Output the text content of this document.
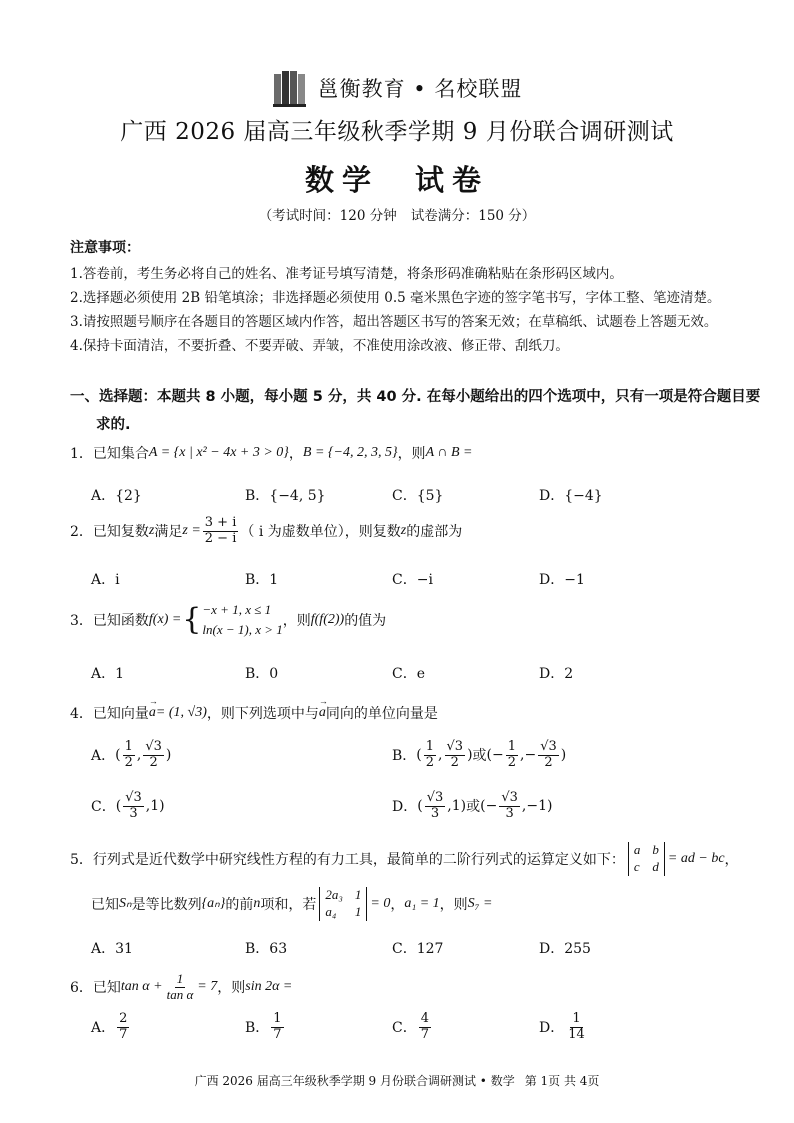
邕衡教育 • 名校联盟
广西 2026 届高三年级秋季学期 9 月份联合调研测试
数学 试卷
（考试时间：120 分钟 试卷满分：150 分）
注意事项：
1.答卷前，考生务必将自己的姓名、准考证号填写清楚，将条形码准确粘贴在条形码区域内。
2.选择题必须使用 2B 铅笔填涂；非选择题必须使用 0.5 毫米黑色字迹的签字笔书写，字体工整、笔迹清楚。
3.请按照题号顺序在各题目的答题区域内作答，超出答题区书写的答案无效；在草稿纸、试题卷上答题无效。
4.保持卡面清洁，不要折叠、不要弄破、弄皱，不准使用涂改液、修正带、刮纸刀。
一、选择题：本题共 8 小题，每小题 5 分，共 40 分. 在每小题给出的四个选项中，只有一项是符合题目要
求的.
1． 已知集合 A = {x | x² − 4x + 3 > 0} ， B = {−4, 2, 3, 5} ，则 A ∩ B =
A．{2}	B．{−4, 5}	C．{5}	D．{−4}
2． 已知复数 z 满足 $z = \frac{3 + i}{2 - i}$ （ i 为虚数单位），则复数 z 的虚部为
A．i	B．1	C．−i	D．−1
3． 已知函数 f(x) = { −x + 1, x ≤ 1
ln(x − 1), x > 1
，则 f(f(2)) 的值为
A．1	B．0	C．e	D．2
4． 已知向量 → a = (1, √3) ，则下列选项中与 → a 同向的单位向量是
A． ( $\frac{1}{2}$ , $\frac{√3}{2}$ )	B． ( $\frac{1}{2}$ , $\frac{√3}{2}$ ) 或 ( − $\frac{1}{2}$ , − $\frac{√3}{2}$ )
C． ( $\frac{√3}{3}$ , 1 )	D． ( $\frac{√3}{3}$ , 1 ) 或 ( − $\frac{√3}{3}$ , − 1 )
5． 行列式是近代数学中研究线性方程的有力工具，最简单的二阶行列式的运算定义如下：
a b
c d
= ad − bc ，
已知 Sₙ 是等比数列 {aₙ} 的前 n 项和，若
2a₃ 1
a₄	1
= 0 ， a₁ = 1 ，则 S₇ =
A．31	B．63	C．127	D．255
6． 已知 $\tan \alpha + \frac{1}{\text{tan α}} = 7$ ，则 sin 2α =
A． $\frac{2}{7}$	B． $\frac{1}{7}$	C． $\frac{4}{7}$	D． $\frac{1}{14}$
广西 2026 届高三年级秋季学期 9 月份联合调研测试 • 数学 第 1页 共 4页
